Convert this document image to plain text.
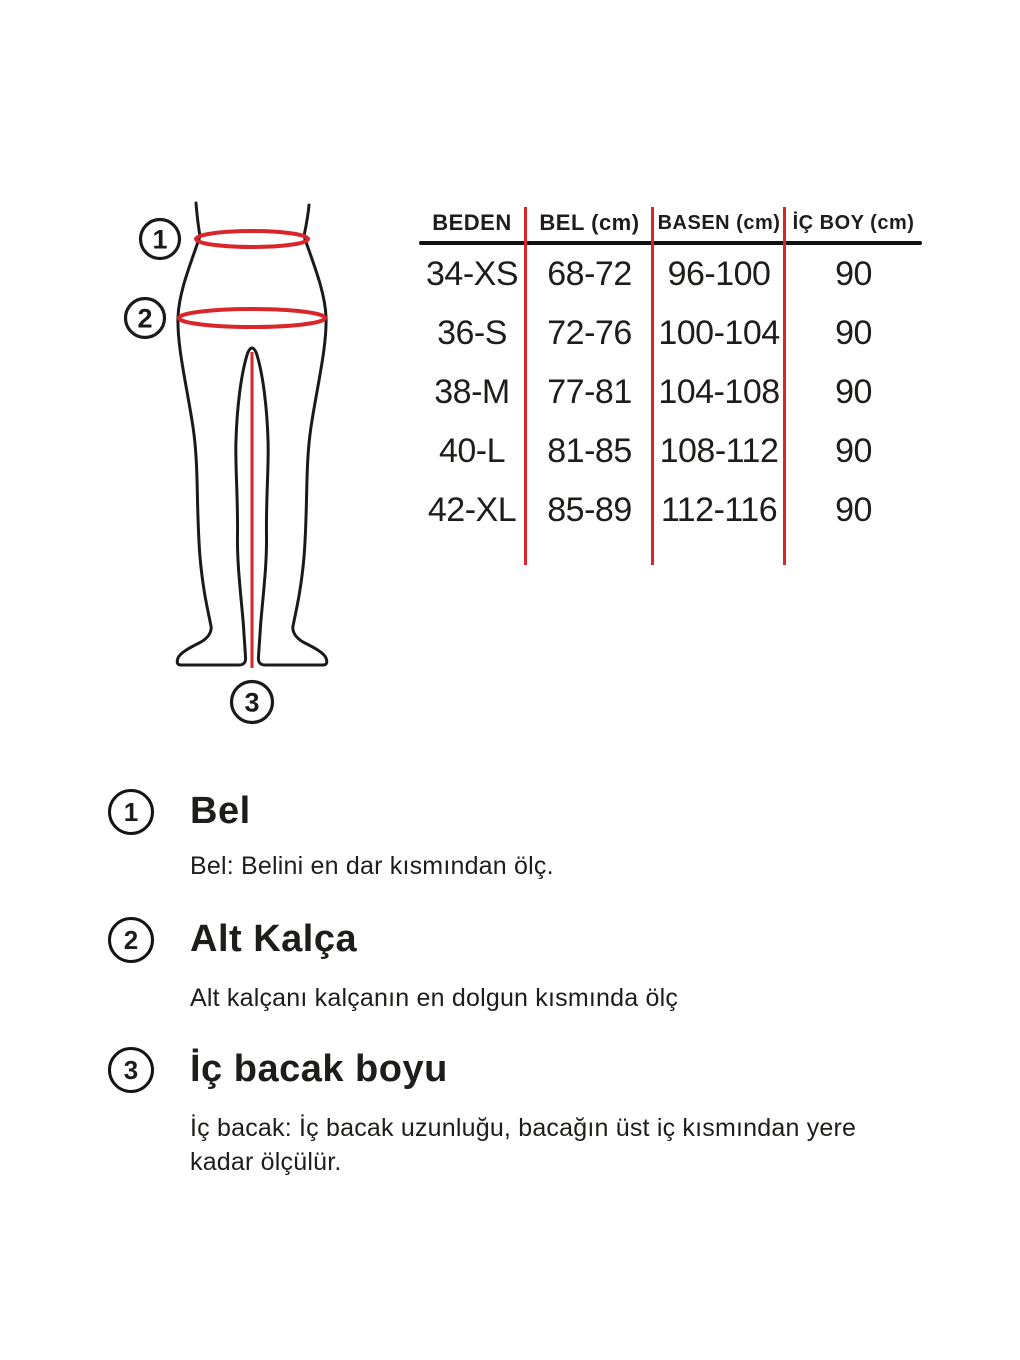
1
2
3
BEDEN	BEL (cm) BASEN (cm) İÇ BOY (cm)
34-XS 68-72	96-100	90
36-S	72-76 100-104	90
38-M	77-81 104-108	90
40-L	81-85 108-112	90
42-XL 85-89 112-116	90
1	Bel
Bel: Belini en dar kısmından ölç.
2	Alt Kalça
Alt kalçanı kalçanın en dolgun kısmında ölç
3	İç bacak boyu
İç bacak: İç bacak uzunluğu, bacağın üst iç kısmından yere kadar ölçülür.
